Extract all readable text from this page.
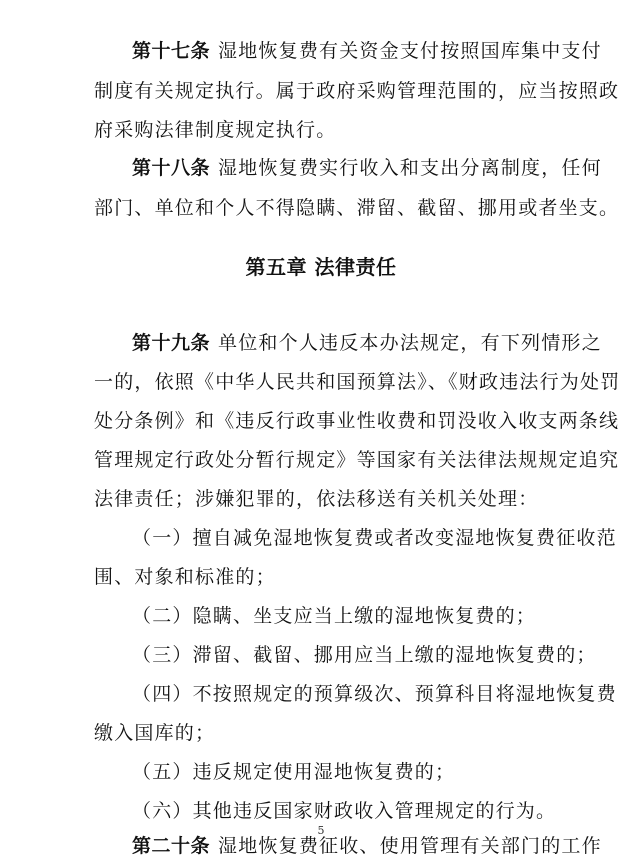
第十七条 湿地恢复费有关资金支付按照国库集中支付
制度有关规定执行。属于政府采购管理范围的，应当按照政
府采购法律制度规定执行。
第十八条 湿地恢复费实行收入和支出分离制度，任何
部门、单位和个人不得隐瞒、滞留、截留、挪用或者坐支。
第五章 法律责任
第十九条 单位和个人违反本办法规定，有下列情形之
一的，依照《中华人民共和国预算法》、《财政违法行为处罚
处分条例》和《违反行政事业性收费和罚没收入收支两条线
管理规定行政处分暂行规定》等国家有关法律法规规定追究
法律责任；涉嫌犯罪的，依法移送有关机关处理：
（一）擅自减免湿地恢复费或者改变湿地恢复费征收范
围、对象和标准的；
（二）隐瞒、坐支应当上缴的湿地恢复费的；
（三）滞留、截留、挪用应当上缴的湿地恢复费的；
（四）不按照规定的预算级次、预算科目将湿地恢复费
缴入国库的；
（五）违反规定使用湿地恢复费的；
（六）其他违反国家财政收入管理规定的行为。
第二十条 湿地恢复费征收、使用管理有关部门的工作
5
